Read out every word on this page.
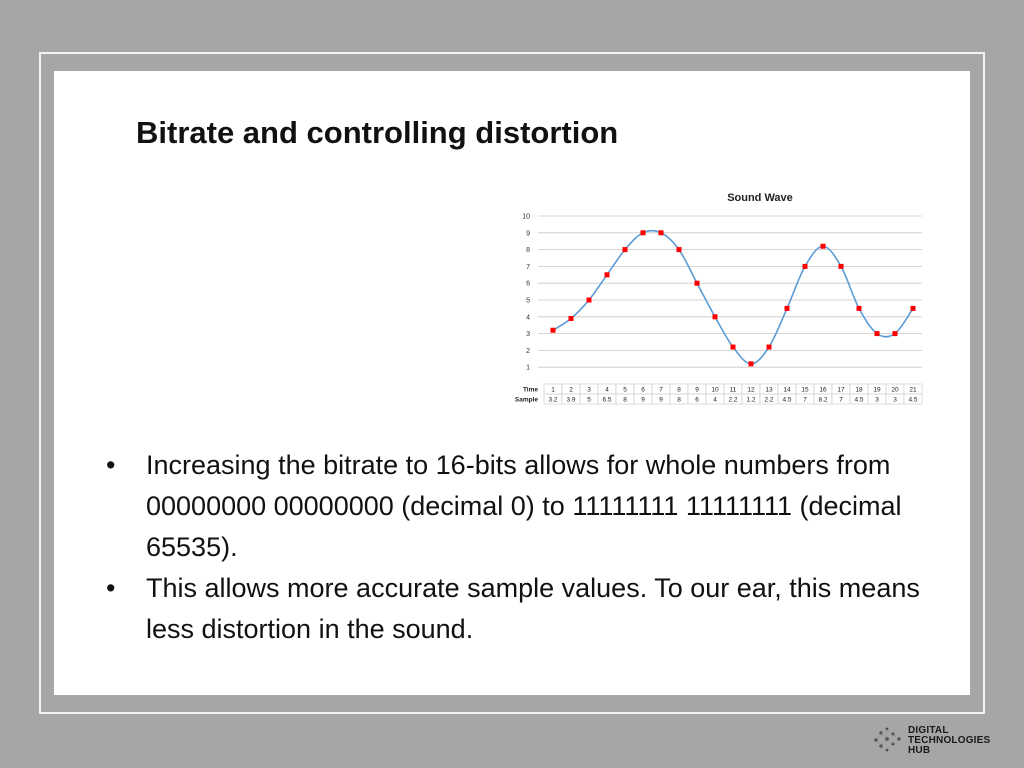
Bitrate and controlling distortion
Sound Wave
1
2
3
4
5
6
7
8
9
10
Time 1 2 3 4 5 6 7 8 9 10 11 12 13 14 15 16 17 18 19 20 21
Sample 3.2 3.9 5 6.5 8 9 9 8 6 4 2.2 1.2 2.2 4.5 7 8.2 7 4.5 3 3 4.5
• Increasing the bitrate to 16-bits allows for whole numbers from 00000000 00000000 (decimal 0) to 11111111 11111111 (decimal 65535).
• This allows more accurate sample values. To our ear, this means less distortion in the sound.
DIGITAL
TECHNOLOGIES
HUB
